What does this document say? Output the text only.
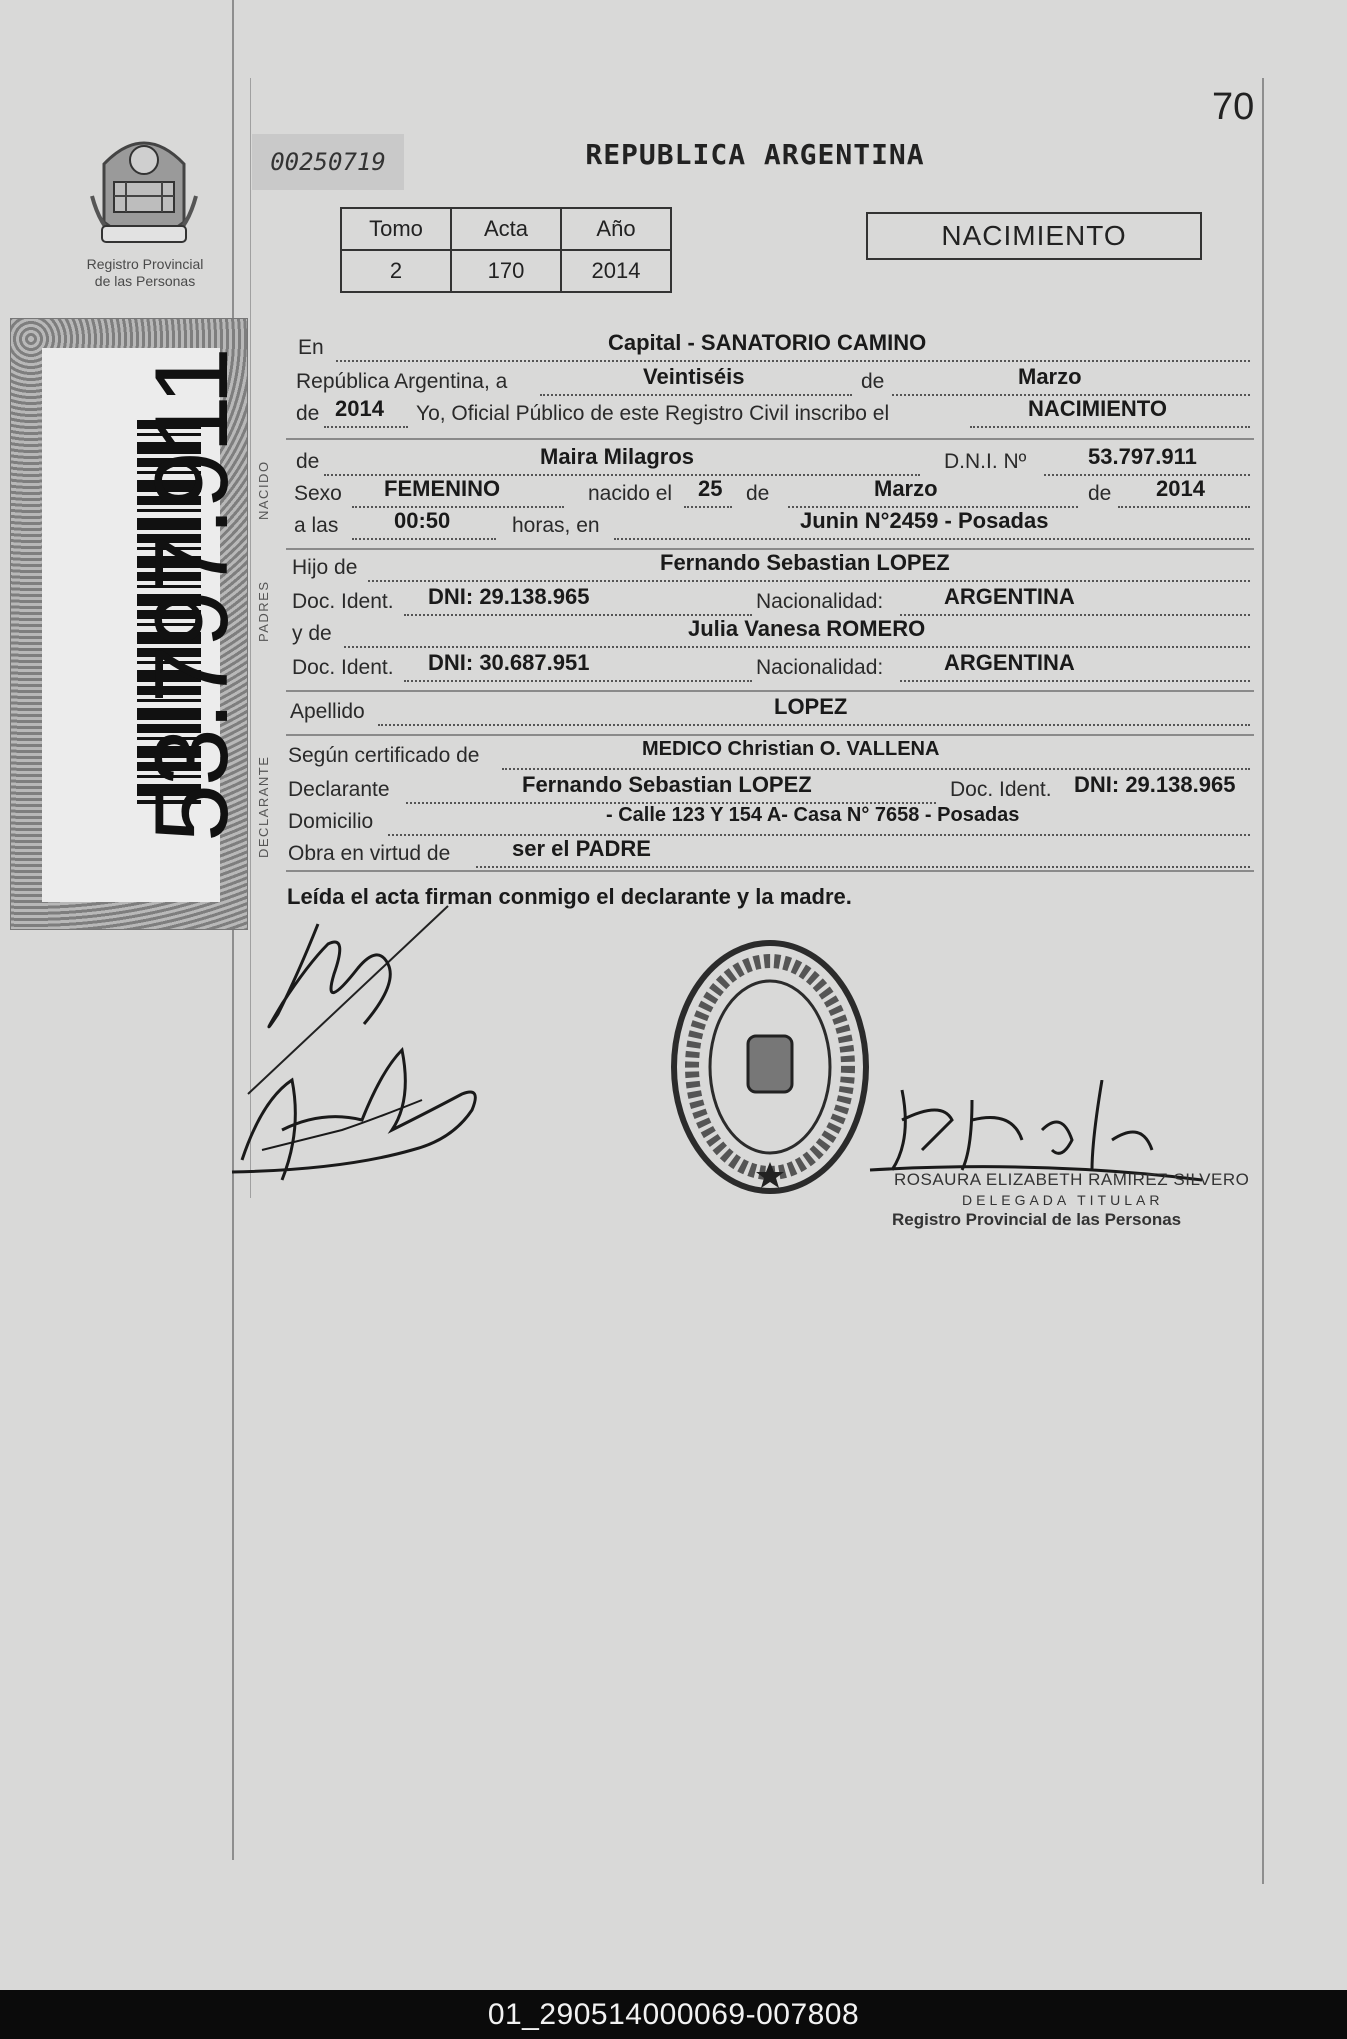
70
Registro Provincial
de las Personas
53.797.911
00250719	REPUBLICA ARGENTINA
Tomo	Acta	Año
2	170	2014
NACIMIENTO
NACIDO
PADRES
DECLARANTE
En	Capital - SANATORIO CAMINO
República Argentina, a	Veintiséis	de	Marzo
de 2014 Yo, Oficial Público de este Registro Civil inscribo el	NACIMIENTO
de	Maira Milagros	D.N.I. Nº	53.797.911
Sexo FEMENINO	nacido el 25 de	Marzo	de 2014
a las	00:50	horas, en	Junin N°2459 - Posadas
Hijo de	Fernando Sebastian LOPEZ
Doc. Ident. DNI: 29.138.965	Nacionalidad:	ARGENTINA
y de	Julia Vanesa ROMERO
Doc. Ident. DNI: 30.687.951	Nacionalidad:	ARGENTINA
Apellido	LOPEZ
Según certificado de	MEDICO Christian O. VALLENA
Declarante	Fernando Sebastian LOPEZ	Doc. Ident. DNI: 29.138.965
Domicilio	- Calle 123 Y 154 A- Casa N° 7658 - Posadas
Obra en virtud de	ser el PADRE
Leída el acta firman conmigo el declarante y la madre.
ROSAURA ELIZABETH RAMIREZ SILVERO
DELEGADA TITULAR
Registro Provincial de las Personas
01_290514000069-007808
